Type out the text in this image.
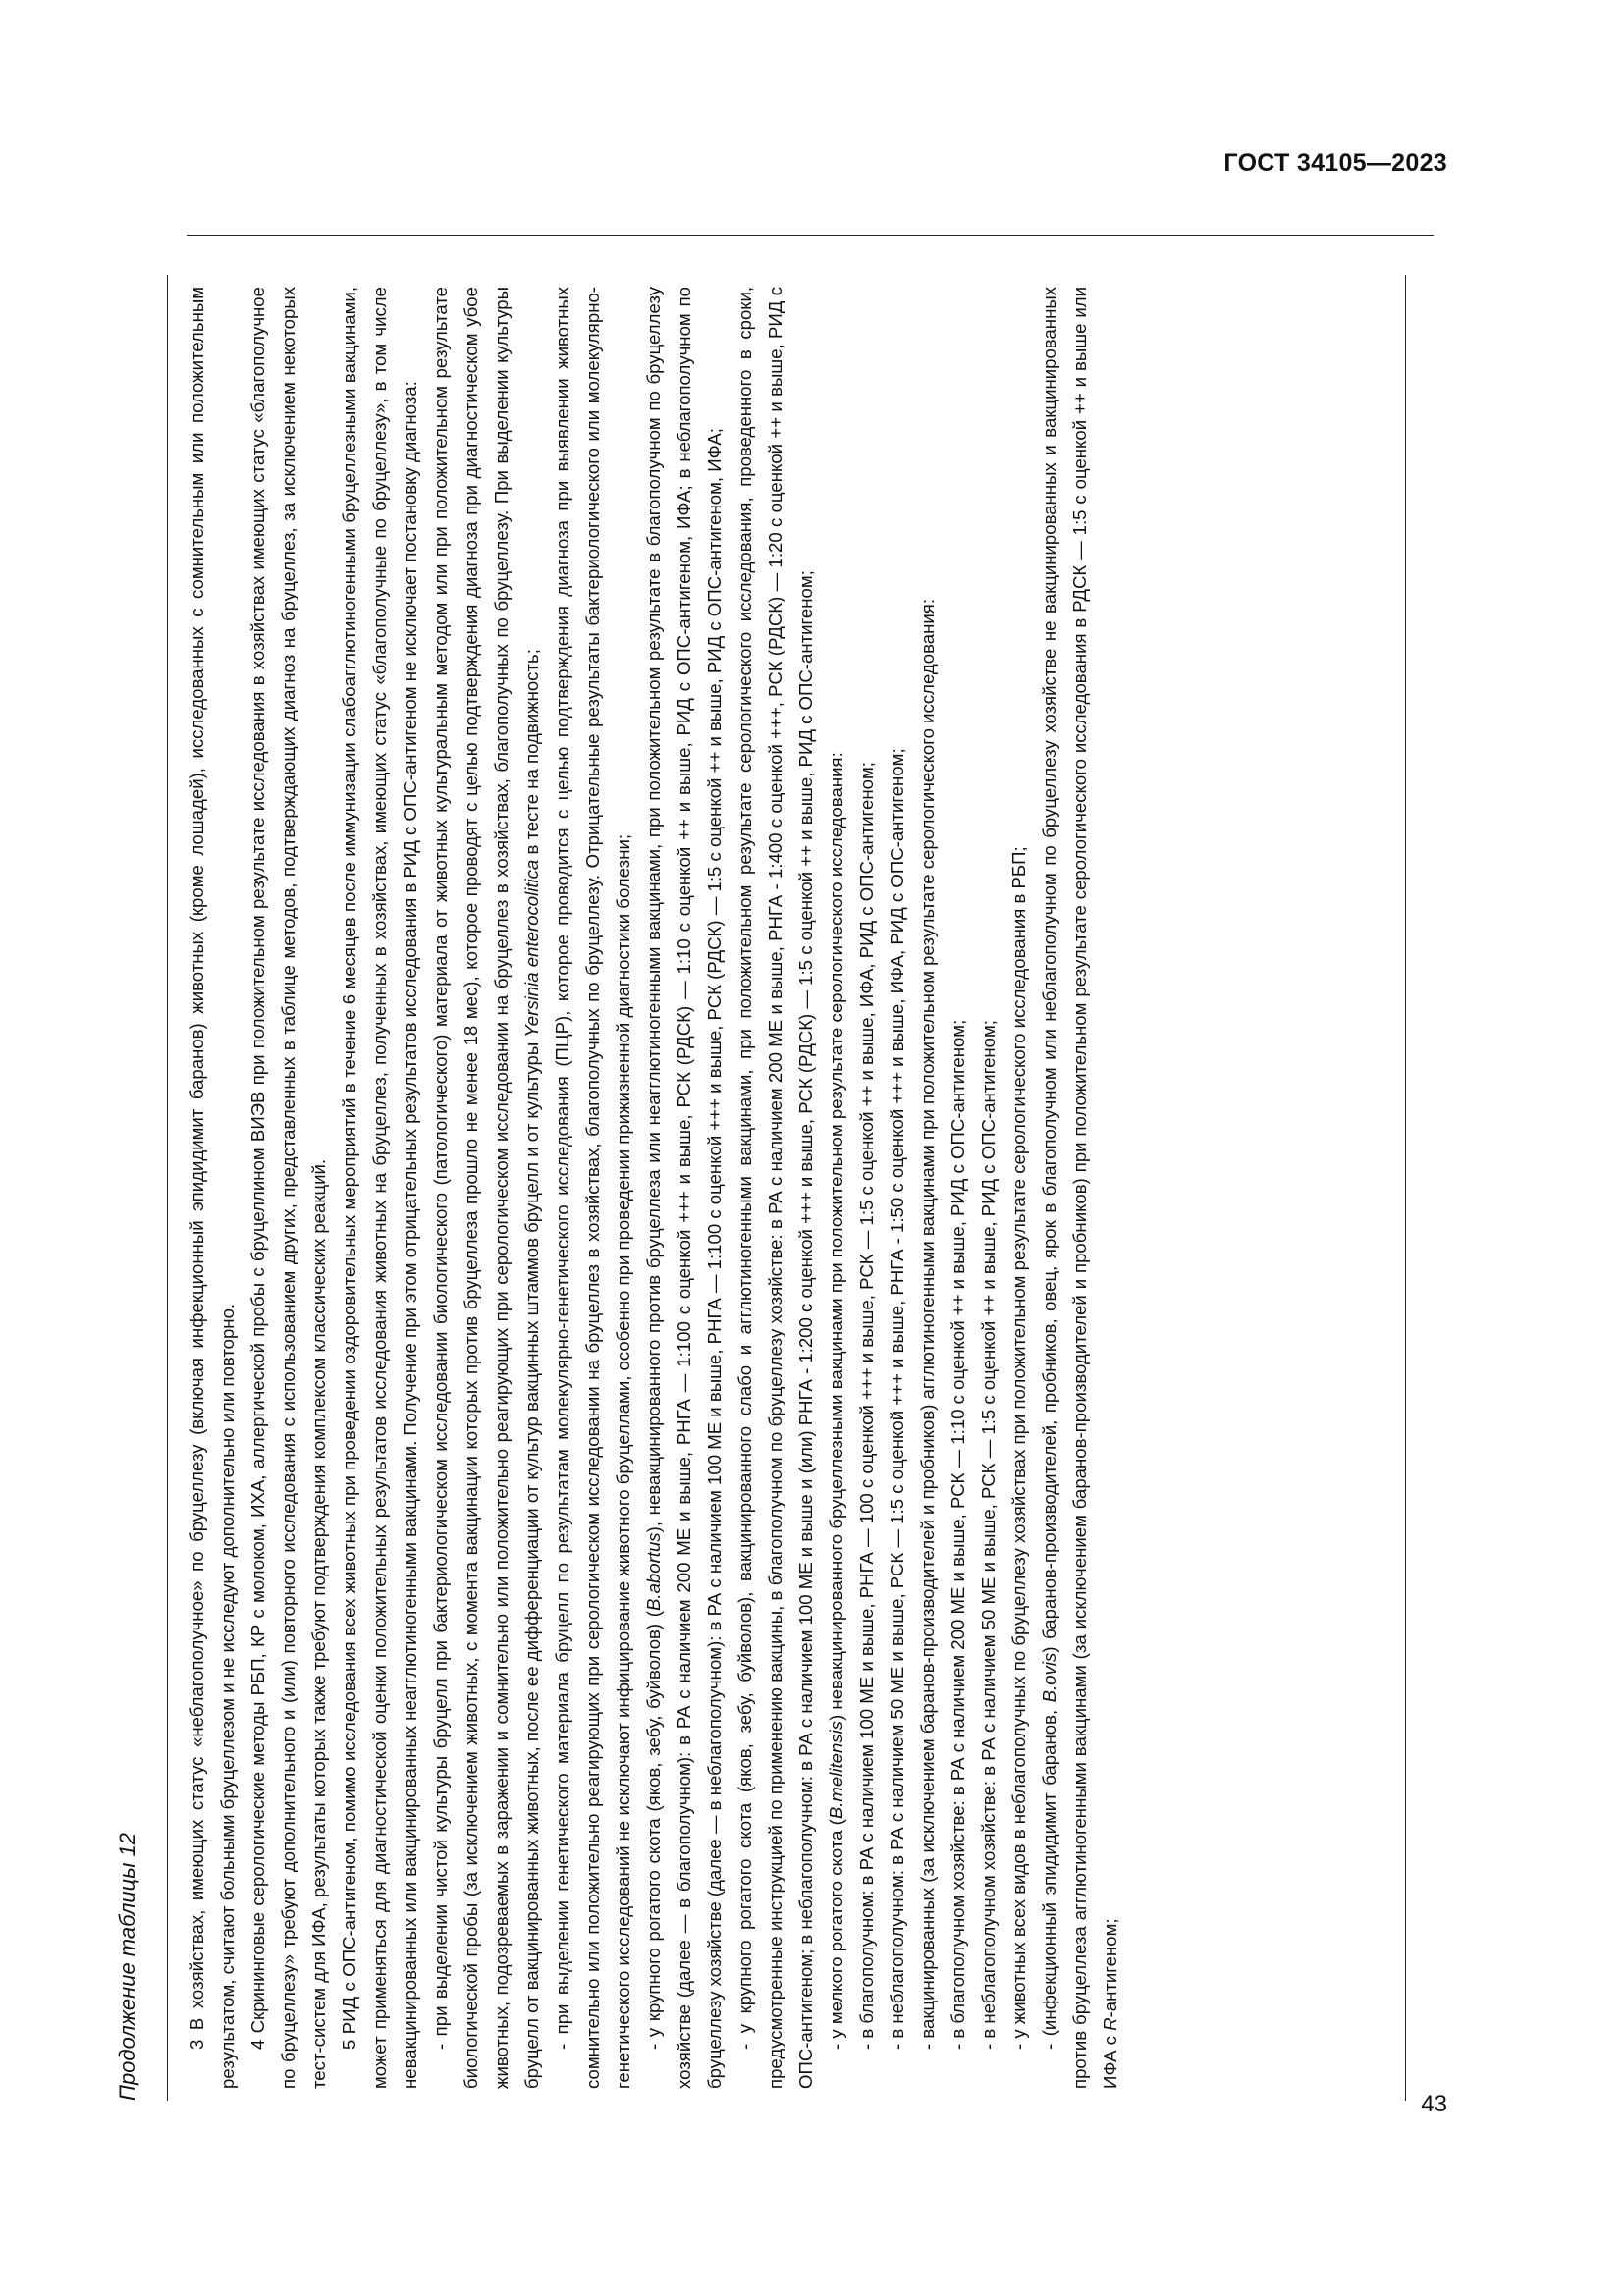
ГОСТ 34105—2023
Продолжение таблицы 12	3 В хозяйствах, имеющих статус «неблагополучное» по бруцеллезу (включая инфекционный эпидидимит баранов) животных (кроме лошадей), исследованных с сомнительным или положительным результатом, считают больными бруцеллезом и не исследуют дополнительно или повторно. 4 Скрининговые серологические методы РБП, КР с молоком, ИХА, аллергической пробы с бруцеллином ВИЭВ при положительном результате исследования в хозяйствах имеющих статус «благополучное по бруцеллезу» требуют дополнительного и (или) повторного исследования с использованием других, представленных в таблице методов, подтверждающих диагноз на бруцеллез, за исключением некоторых тест-систем для ИФА, результаты которых также требуют подтверждения комплексом классических реакций. 5 РИД с ОПС-антигеном, помимо исследования всех животных при проведении оздоровительных мероприятий в течение 6 месяцев после иммунизации слабоагглютиногенными бруцеллезными вакцинами, может применяться для диагностической оценки положительных результатов исследования животных на бруцеллез, полученных в хозяйствах, имеющих статус «благополучные по бруцеллезу», в том числе невакцинированных или вакцинированных неагглютиногенными вакцинами. Получение при этом отрицательных результатов исследования в РИД с ОПС-антигеном не исключает постановку диагноза: - при выделении чистой культуры бруцелл при бактериологическом исследовании биологического (патологического) материала от животных культуральным методом или при положительном результате биологической пробы (за исключением животных, с момента вакцинации которых против бруцеллеза прошло не менее 18 мес), которое проводят с целью подтверждения диагноза при диагностическом убое животных, подозреваемых в заражении и сомнительно или положительно реагирующих при серологическом исследовании на бруцеллез в хозяйствах, благополучных по бруцеллезу. При выделении культуры бруцелл от вакцинированных животных, после ее дифференциации от культур вакцинных штаммов бруцелл и от культуры Yersinia enterocolitica в тесте на подвижность; - при выделении генетического материала бруцелл по результатам молекулярно-генетического исследования (ПЦР), которое проводится с целью подтверждения диагноза при выявлении животных сомнительно или положительно реагирующих при серологическом исследовании на бруцеллез в хозяйствах, благополучных по бруцеллезу. Отрицательные результаты бактериологического или молекулярно-генетического исследований не исключают инфицирование животного бруцеллами, особенно при проведении прижизненной диагностики болезни; - у крупного рогатого скота (яков, зебу, буйволов) (B.abortus), невакцинированного против бруцеллеза или неагглютиногенными вакцинами, при положительном результате в благополучном по бруцеллезу хозяйстве (далее — в благополучном): в РА с наличием 200 МЕ и выше, РНГА — 1:100 с оценкой +++ и выше, РСК (РДСК) — 1:10 с оценкой ++ и выше, РИД с ОПС-антигеном, ИФА; в неблагополучном по бруцеллезу хозяйстве (далее — в неблагополучном): в РА с наличием 100 МЕ и выше, РНГА — 1:100 с оценкой +++ и выше, РСК (РДСК) — 1:5 с оценкой ++ и выше, РИД с ОПС-антигеном, ИФА; - у крупного рогатого скота (яков, зебу, буйволов), вакцинированного слабо и агглютиногенными вакцинами, при положительном результате серологического исследования, проведенного в сроки, предусмотренные инструкцией по применению вакцины, в благополучном по бруцеллезу хозяйстве: в РА с наличием 200 МЕ и выше, РНГА - 1:400 с оценкой +++, РСК (РДСК) — 1:20 с оценкой ++ и выше, РИД с ОПС-антигеном; в неблагополучном: в РА с наличием 100 МЕ и выше и (или) РНГА - 1:200 с оценкой +++ и выше, РСК (РДСК) — 1:5 с оценкой ++ и выше, РИД с ОПС-антигеном; - у мелкого рогатого скота (B.melitensis) невакцинированного бруцеллезными вакцинами при положительном результате серологического исследования: - в благополучном: в РА с наличием 100 МЕ и выше, РНГА — 100 с оценкой +++ и выше, РСК — 1:5 с оценкой ++ и выше, ИФА, РИД с ОПС-антигеном; - в неблагополучном: в РА с наличием 50 МЕ и выше, РСК — 1:5 с оценкой +++ и выше, РНГА - 1:50 с оценкой +++ и выше, ИФА, РИД с ОПС-антигеном; - вакцинированных (за исключением баранов-производителей и пробников) агглютиногенными вакцинами при положительном результате серологического исследования: - в благополучном хозяйстве: в РА с наличием 200 МЕ и выше, РСК — 1:10 с оценкой ++ и выше, РИД с ОПС-антигеном; - в неблагополучном хозяйстве: в РА с наличием 50 МЕ и выше, РСК — 1:5 с оценкой ++ и выше, РИД с ОПС-антигеном; - у животных всех видов в неблагополучных по бруцеллезу хозяйствах при положительном результате серологического исследования в РБП; - (инфекционный эпидидимит баранов, B.ovis) баранов-производителей, пробников, овец, ярок в благополучном или неблагополучном по бруцеллезу хозяйстве не вакцинированных и вакцинированных против бруцеллеза агглютиногенными вакцинами (за исключением баранов-производителей и пробников) при положительном результате серологического исследования в РДСК — 1:5 с оценкой ++ и выше или ИФА с R-антигеном;

43
